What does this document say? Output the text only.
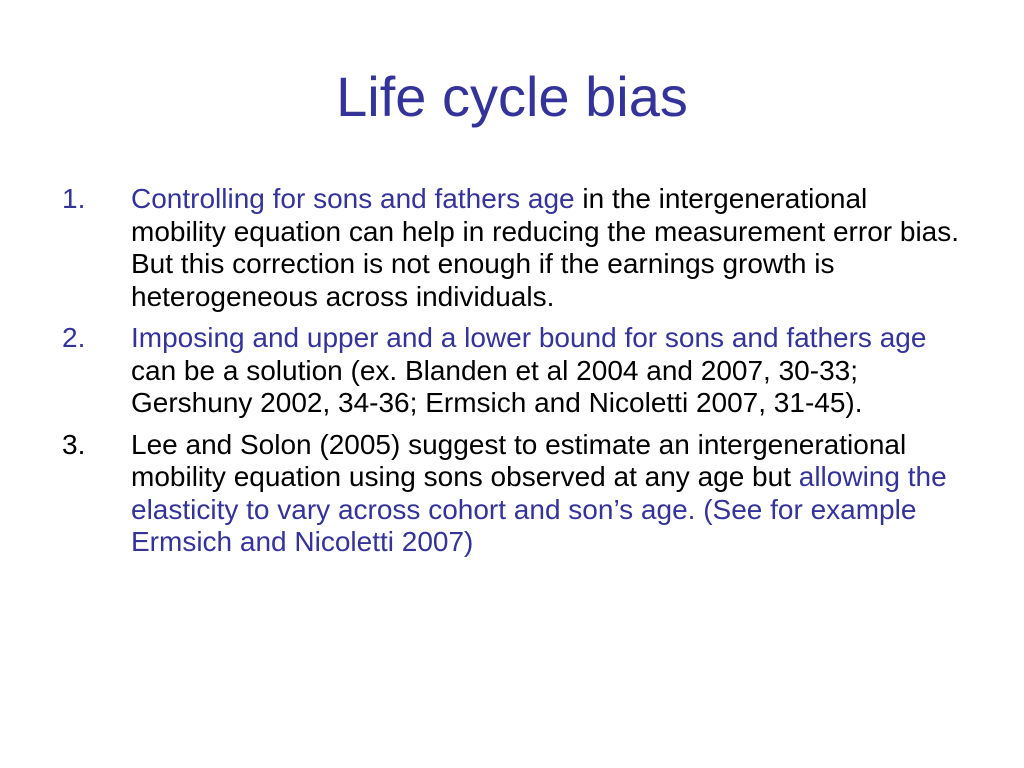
Life cycle bias
1. Controlling for sons and fathers age in the intergenerational mobility equation can help in reducing the measurement error bias. But this correction is not enough if the earnings growth is heterogeneous across individuals.
2. Imposing and upper and a lower bound for sons and fathers age can be a solution (ex. Blanden et al 2004 and 2007, 30-33; Gershuny 2002, 34-36; Ermsich and Nicoletti 2007, 31-45).
3. Lee and Solon (2005) suggest to estimate an intergenerational mobility equation using sons observed at any age but allowing the elasticity to vary across cohort and son’s age. (See for example Ermsich and Nicoletti 2007)
